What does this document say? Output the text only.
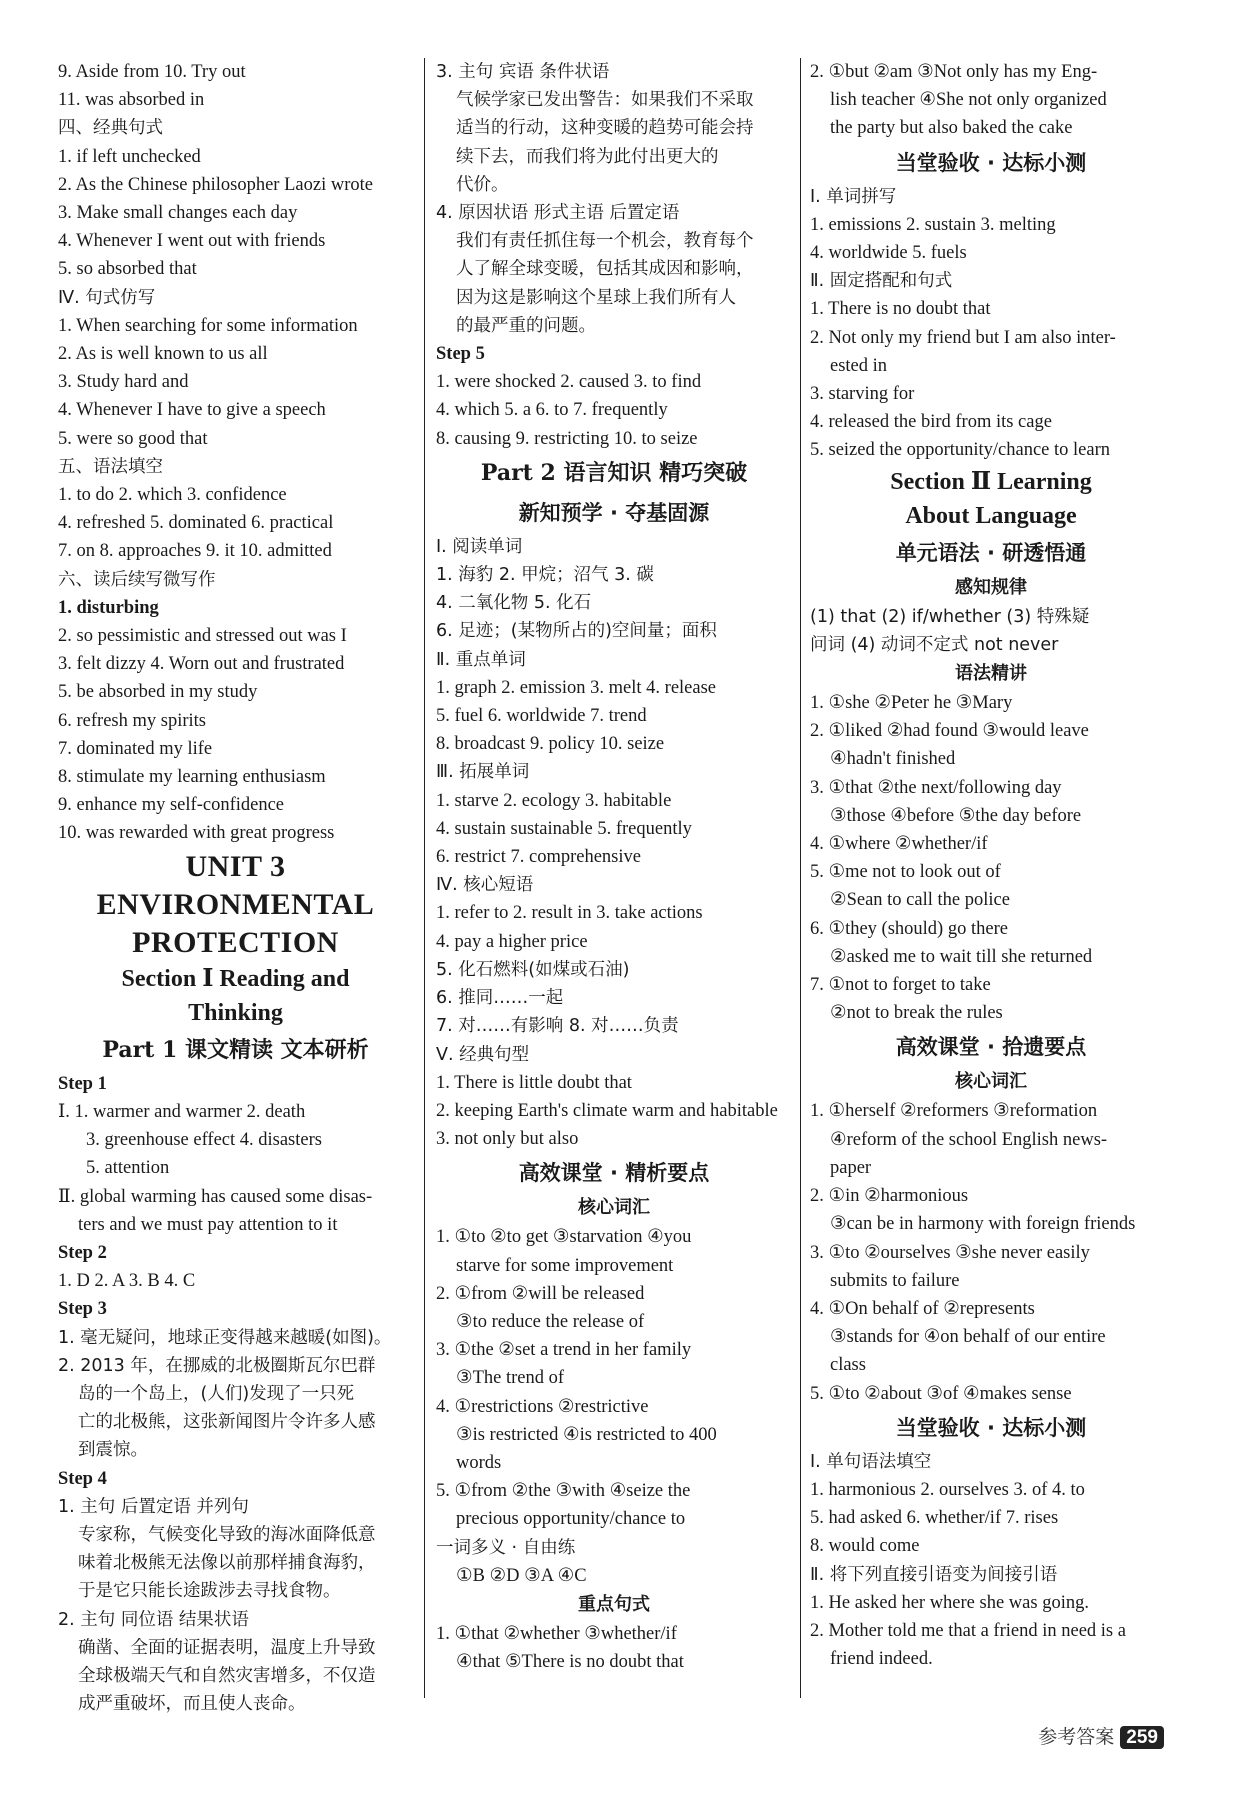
9. Aside from 10. Try out
11. was absorbed in
四、经典句式
1. if left unchecked
2. As the Chinese philosopher Laozi wrote
3. Make small changes each day
4. Whenever I went out with friends
5. so absorbed that
Ⅳ. 句式仿写
1. When searching for some information
2. As is well known to us all
3. Study hard and
4. Whenever I have to give a speech
5. were so good that
五、语法填空
1. to do 2. which 3. confidence
4. refreshed 5. dominated 6. practical
7. on 8. approaches 9. it 10. admitted
六、读后续写微写作
1. disturbing
2. so pessimistic and stressed out was I
3. felt dizzy 4. Worn out and frustrated
5. be absorbed in my study
6. refresh my spirits
7. dominated my life
8. stimulate my learning enthusiasm
9. enhance my self-confidence
10. was rewarded with great progress
UNIT 3
ENVIRONMENTAL
PROTECTION
Section Ⅰ Reading and
Thinking
Part 1 课文精读 文本研析
Step 1
Ⅰ. 1. warmer and warmer 2. death
3. greenhouse effect 4. disasters
5. attention
Ⅱ. global warming has caused some disas-
ters and we must pay attention to it
Step 2
1. D 2. A 3. B 4. C
Step 3
1. 毫无疑问，地球正变得越来越暖(如图)。
2. 2013 年，在挪威的北极圈斯瓦尔巴群
岛的一个岛上，(人们)发现了一只死
亡的北极熊，这张新闻图片令许多人感
到震惊。
Step 4
1. 主句 后置定语 并列句
专家称，气候变化导致的海冰面降低意
味着北极熊无法像以前那样捕食海豹，
于是它只能长途跋涉去寻找食物。
2. 主句 同位语 结果状语
确凿、全面的证据表明，温度上升导致
全球极端天气和自然灾害增多，不仅造
成严重破坏，而且使人丧命。
3. 主句 宾语 条件状语
气候学家已发出警告：如果我们不采取
适当的行动，这种变暖的趋势可能会持
续下去，而我们将为此付出更大的
代价。
4. 原因状语 形式主语 后置定语
我们有责任抓住每一个机会，教育每个
人了解全球变暖，包括其成因和影响，
因为这是影响这个星球上我们所有人
的最严重的问题。
Step 5
1. were shocked 2. caused 3. to find
4. which 5. a 6. to 7. frequently
8. causing 9. restricting 10. to seize
Part 2 语言知识 精巧突破
新知预学 · 夺基固源
Ⅰ. 阅读单词
1. 海豹 2. 甲烷；沼气 3. 碳
4. 二氧化物 5. 化石
6. 足迹；(某物所占的)空间量；面积
Ⅱ. 重点单词
1. graph 2. emission 3. melt 4. release
5. fuel 6. worldwide 7. trend
8. broadcast 9. policy 10. seize
Ⅲ. 拓展单词
1. starve 2. ecology 3. habitable
4. sustain sustainable 5. frequently
6. restrict 7. comprehensive
Ⅳ. 核心短语
1. refer to 2. result in 3. take actions
4. pay a higher price
5. 化石燃料(如煤或石油)
6. 推同……一起
7. 对……有影响 8. 对……负责
Ⅴ. 经典句型
1. There is little doubt that
2. keeping Earth's climate warm and habitable
3. not only but also
高效课堂 · 精析要点
核心词汇
1. ①to ②to get ③starvation ④you
starve for some improvement
2. ①from ②will be released
③to reduce the release of
3. ①the ②set a trend in her family
③The trend of
4. ①restrictions ②restrictive
③is restricted ④is restricted to 400
words
5. ①from ②the ③with ④seize the
precious opportunity/chance to
一词多义 · 自由练
①B ②D ③A ④C
重点句式
1. ①that ②whether ③whether/if
④that ⑤There is no doubt that
2. ①but ②am ③Not only has my Eng-
lish teacher ④She not only organized
the party but also baked the cake
当堂验收 · 达标小测
Ⅰ. 单词拼写
1. emissions 2. sustain 3. melting
4. worldwide 5. fuels
Ⅱ. 固定搭配和句式
1. There is no doubt that
2. Not only my friend but I am also inter-
ested in
3. starving for
4. released the bird from its cage
5. seized the opportunity/chance to learn
Section Ⅱ Learning
About Language
单元语法 · 研透悟通
感知规律
(1) that (2) if/whether (3) 特殊疑
问词 (4) 动词不定式 not never
语法精讲
1. ①she ②Peter he ③Mary
2. ①liked ②had found ③would leave
④hadn't finished
3. ①that ②the next/following day
③those ④before ⑤the day before
4. ①where ②whether/if
5. ①me not to look out of
②Sean to call the police
6. ①they (should) go there
②asked me to wait till she returned
7. ①not to forget to take
②not to break the rules
高效课堂 · 拾遗要点
核心词汇
1. ①herself ②reformers ③reformation
④reform of the school English news-
paper
2. ①in ②harmonious
③can be in harmony with foreign friends
3. ①to ②ourselves ③she never easily
submits to failure
4. ①On behalf of ②represents
③stands for ④on behalf of our entire
class
5. ①to ②about ③of ④makes sense
当堂验收 · 达标小测
Ⅰ. 单句语法填空
1. harmonious 2. ourselves 3. of 4. to
5. had asked 6. whether/if 7. rises
8. would come
Ⅱ. 将下列直接引语变为间接引语
1. He asked her where she was going.
2. Mother told me that a friend in need is a
friend indeed.
参考答案 259
